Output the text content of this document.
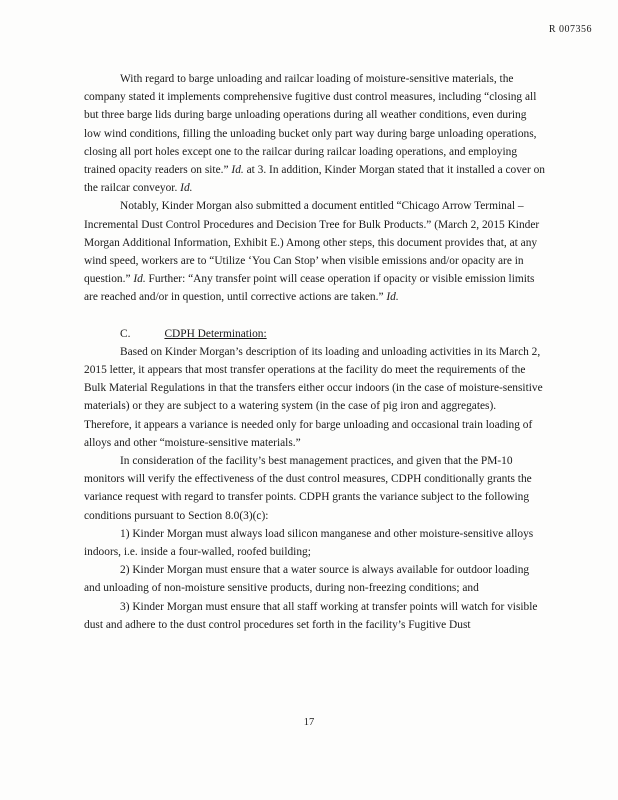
R 007356

With regard to barge unloading and railcar loading of moisture-sensitive materials, the company stated it implements comprehensive fugitive dust control measures, including “closing all but three barge lids during barge unloading operations during all weather conditions, even during low wind conditions, filling the unloading bucket only part way during barge unloading operations, closing all port holes except one to the railcar during railcar loading operations, and employing trained opacity readers on site.” Id. at 3. In addition, Kinder Morgan stated that it installed a cover on the railcar conveyor. Id.

Notably, Kinder Morgan also submitted a document entitled “Chicago Arrow Terminal – Incremental Dust Control Procedures and Decision Tree for Bulk Products.” (March 2, 2015 Kinder Morgan Additional Information, Exhibit E.) Among other steps, this document provides that, at any wind speed, workers are to “Utilize ‘You Can Stop’ when visible emissions and/or opacity are in question.” Id. Further: “Any transfer point will cease operation if opacity or visible emission limits are reached and/or in question, until corrective actions are taken.” Id.

C.	CDPH Determination:

Based on Kinder Morgan’s description of its loading and unloading activities in its March 2, 2015 letter, it appears that most transfer operations at the facility do meet the requirements of the Bulk Material Regulations in that the transfers either occur indoors (in the case of moisture-sensitive materials) or they are subject to a watering system (in the case of pig iron and aggregates). Therefore, it appears a variance is needed only for barge unloading and occasional train loading of alloys and other “moisture-sensitive materials.”

In consideration of the facility’s best management practices, and given that the PM-10 monitors will verify the effectiveness of the dust control measures, CDPH conditionally grants the variance request with regard to transfer points. CDPH grants the variance subject to the following conditions pursuant to Section 8.0(3)(c):

1) Kinder Morgan must always load silicon manganese and other moisture-sensitive alloys indoors, i.e. inside a four-walled, roofed building;

2) Kinder Morgan must ensure that a water source is always available for outdoor loading and unloading of non-moisture sensitive products, during non-freezing conditions; and

3) Kinder Morgan must ensure that all staff working at transfer points will watch for visible dust and adhere to the dust control procedures set forth in the facility’s Fugitive Dust

17
